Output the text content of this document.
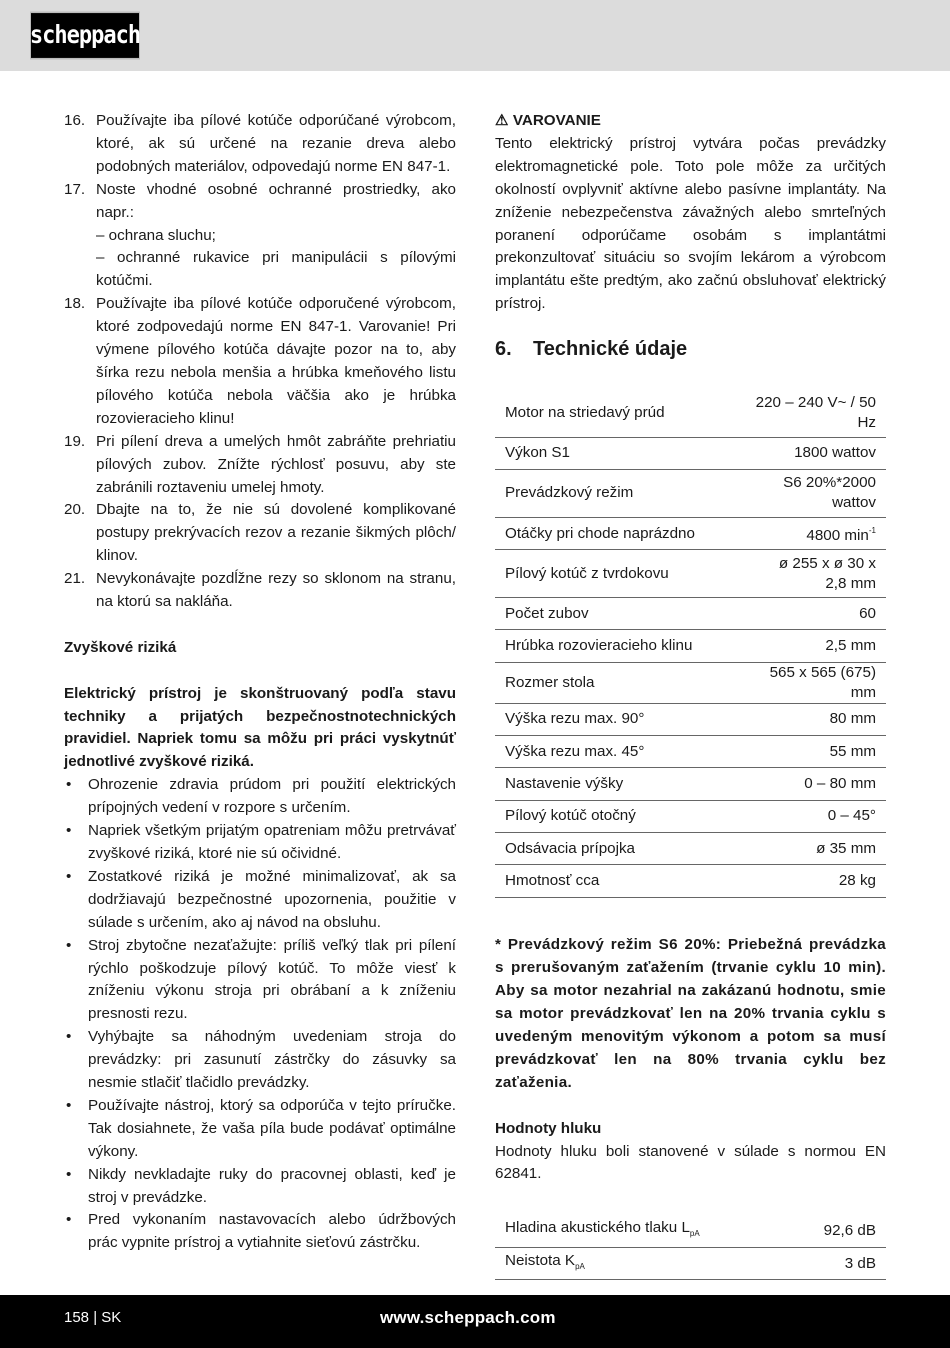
scheppach
16. Používajte iba pílové kotúče odporúčané výrobcom, ktoré, ak sú určené na rezanie dreva alebo podobných materiálov, odpovedajú norme EN 847-1.
17. Noste vhodné osobné ochranné prostriedky, ako napr.:
– ochrana sluchu;
– ochranné rukavice pri manipulácii s pílovými kotúčmi.
18. Používajte iba pílové kotúče odporučené výrobcom, ktoré zodpovedajú norme EN 847-1. Varovanie! Pri výmene pílového kotúča dávajte pozor na to, aby šírka rezu nebola menšia a hrúbka kmeňového listu pílového kotúča nebola väčšia ako je hrúbka rozovieracieho klinu!
19. Pri pílení dreva a umelých hmôt zabráňte prehriatiu pílových zubov. Znížte rýchlosť posuvu, aby ste zabránili roztaveniu umelej hmoty.
20. Dbajte na to, že nie sú dovolené komplikované postupy prekrývacích rezov a rezanie šikmých plôch/ klinov.
21. Nevykonávajte pozdĺžne rezy so sklonom na stranu, na ktorú sa nakláňa.
Zvyškové riziká
Elektrický prístroj je skonštruovaný podľa stavu techniky a prijatých bezpečnostnotechnických pravidiel. Napriek tomu sa môžu pri práci vyskytnúť jednotlivé zvyškové riziká.
•	Ohrozenie zdravia prúdom pri použití elektrických prípojných vedení v rozpore s určením.
•	Napriek všetkým prijatým opatreniam môžu pretrvávať zvyškové riziká, ktoré nie sú očividné.
•	Zostatkové riziká je možné minimalizovať, ak sa dodržiavajú bezpečnostné upozornenia, použitie v súlade s určením, ako aj návod na obsluhu.
•	Stroj zbytočne nezaťažujte: príliš veľký tlak pri pílení rýchlo poškodzuje pílový kotúč. To môže viesť k zníženiu výkonu stroja pri obrábaní a k zníženiu presnosti rezu.
•	Vyhýbajte sa náhodným uvedeniam stroja do prevádzky: pri zasunutí zástrčky do zásuvky sa nesmie stlačiť tlačidlo prevádzky.
•	Používajte nástroj, ktorý sa odporúča v tejto príručke. Tak dosiahnete, že vaša píla bude podávať optimálne výkony.
•	Nikdy nevkladajte ruky do pracovnej oblasti, keď je stroj v prevádzke.
•	Pred vykonaním nastavovacích alebo údržbových prác vypnite prístroj a vytiahnite sieťovú zástrčku.
⚠ VAROVANIE
Tento elektrický prístroj vytvára počas prevádzky elektromagnetické pole. Toto pole môže za určitých okolností ovplyvniť aktívne alebo pasívne implantáty. Na zníženie nebezpečenstva závažných alebo smrteľných poranení odporúčame osobám s implantátmi prekonzultovať situáciu so svojím lekárom a výrobcom implantátu ešte predtým, ako začnú obsluhovať elektrický prístroj.
6.	Technické údaje
Motor na striedavý prúd	220 – 240 V~ / 50 Hz
Výkon S1	1800 wattov
Prevádzkový režim	S6 20%*2000 wattov
Otáčky pri chode naprázdno	4800 $\min^{-1}$
Pílový kotúč z tvrdokovu	ø 255 x ø 30 x 2,8 mm
Počet zubov	60
Hrúbka rozovieracieho klinu	2,5 mm
Rozmer stola	565 x 565 (675) mm
Výška rezu max. 90°	80 mm
Výška rezu max. 45°	55 mm
Nastavenie výšky	0 – 80 mm
Pílový kotúč otočný	0 – 45°
Odsávacia prípojka	ø 35 mm
Hmotnosť cca	28 kg
* Prevádzkový režim S6 20%: Priebežná prevádzka s prerušovaným zaťažením (trvanie cyklu 10 min). Aby sa motor nezahrial na zakázanú hodnotu, smie sa motor prevádzkovať len na 20% trvania cyklu s uvedeným menovitým výkonom a potom sa musí prevádzkovať len na 80% trvania cyklu bez zaťaženia.
Hodnoty hluku
Hodnoty hluku boli stanovené v súlade s normou EN 62841.
Hladina akustického tlaku $L_{pA}$	92,6 dB
Neistota $K_{pA}$	3 dB
158 | SK	www.scheppach.com
